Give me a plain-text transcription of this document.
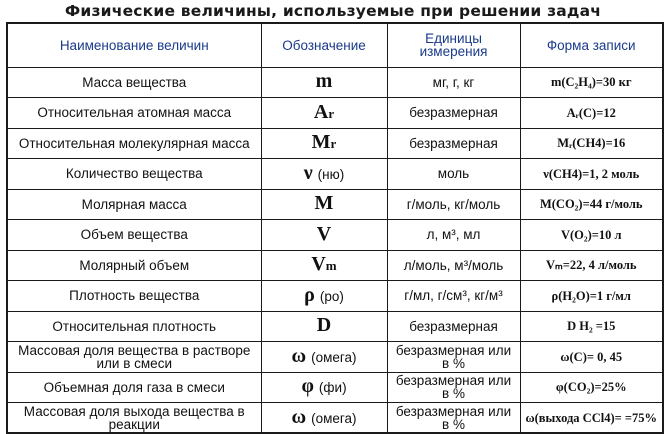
Физические величины, используемые при решении задач
Наименование величин	Обозначение	Единицы измерения	Форма записи
Масса вещества	m	мг, г, кг	m(C₂H₄)=30 кг
Относительная атомная масса	Ar	безразмерная	Aᵣ(C)=12
Относительная молекулярная масса	Mr	безразмерная	Mᵣ(CH4)=16
Количество вещества	ν (ню)	моль	ν(CH4)=1, 2 моль
Молярная масса	M	г/моль, кг/моль	M(CO₂)=44 г/моль
Объем вещества	V	л, м³, мл	V(O₂)=10 л
Молярный объем	Vm	л/моль, м³/моль	Vₘ=22, 4 л/моль
Плотность вещества	ρ (ро)	г/мл, г/см³, кг/м³	ρ(H₂O)=1 г/мл
Относительная плотность	D	безразмерная	D H₂ =15
Массовая доля вещества в растворе или в смеси	ω (омега)	безразмерная или в %	ω(C)= 0, 45
Объемная доля газа в смеси	φ (фи)	безразмерная или в %	φ(CO₂)=25%
Массовая доля выхода вещества в реакции	ω (омега)	безразмерная или в %	ω(выхода CCl4)= =75%
